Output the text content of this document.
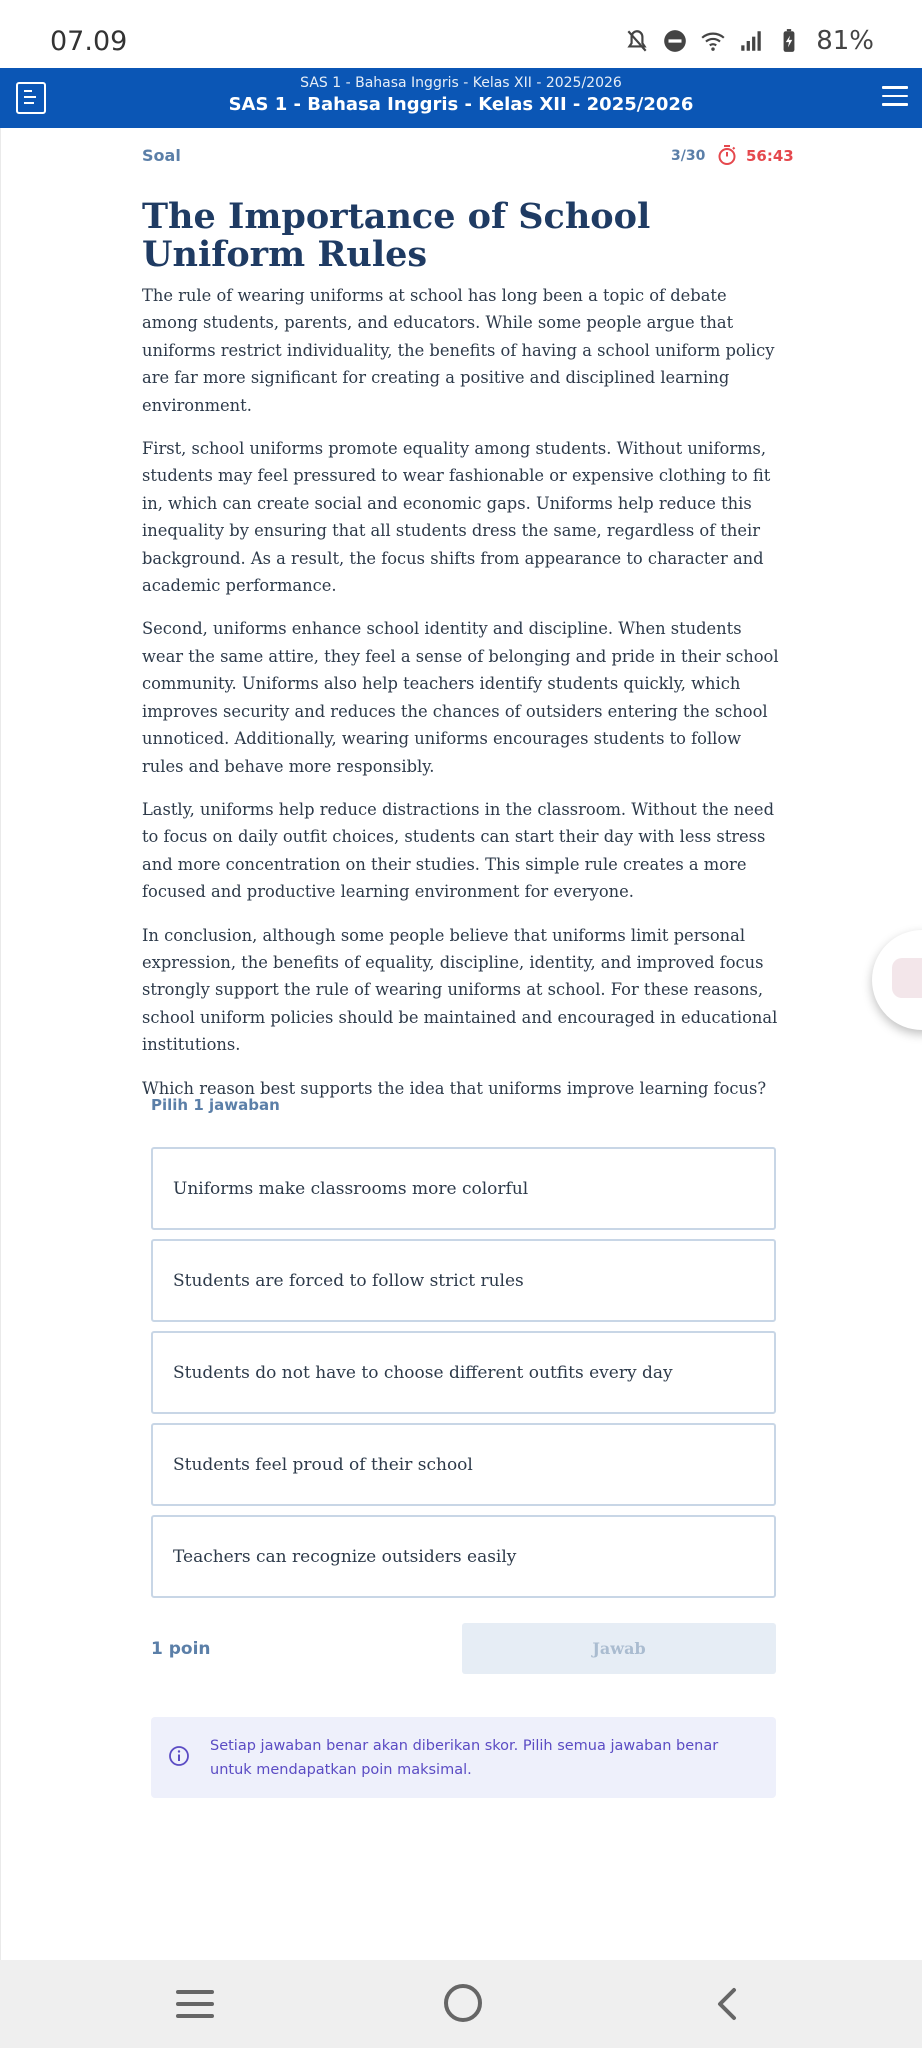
07.09	81%
SAS 1 - Bahasa Inggris - Kelas XII - 2025/2026
SAS 1 - Bahasa Inggris - Kelas XII - 2025/2026
Soal	3/30	56:43
The Importance of School Uniform Rules

The rule of wearing uniforms at school has long been a topic of debate among students, parents, and educators. While some people argue that uniforms restrict individuality, the benefits of having a school uniform policy are far more significant for creating a positive and disciplined learning environment.

First, school uniforms promote equality among students. Without uniforms, students may feel pressured to wear fashionable or expensive clothing to fit in, which can create social and economic gaps. Uniforms help reduce this inequality by ensuring that all students dress the same, regardless of their background. As a result, the focus shifts from appearance to character and academic performance.

Second, uniforms enhance school identity and discipline. When students wear the same attire, they feel a sense of belonging and pride in their school community. Uniforms also help teachers identify students quickly, which improves security and reduces the chances of outsiders entering the school unnoticed. Additionally, wearing uniforms encourages students to follow rules and behave more responsibly.

Lastly, uniforms help reduce distractions in the classroom. Without the need to focus on daily outfit choices, students can start their day with less stress and more concentration on their studies. This simple rule creates a more focused and productive learning environment for everyone.

In conclusion, although some people believe that uniforms limit personal expression, the benefits of equality, discipline, identity, and improved focus strongly support the rule of wearing uniforms at school. For these reasons, school uniform policies should be maintained and encouraged in educational institutions.

Which reason best supports the idea that uniforms improve learning focus?

Pilih 1 jawaban
Uniforms make classrooms more colorful
Students are forced to follow strict rules
Students do not have to choose different outfits every day
Students feel proud of their school
Teachers can recognize outsiders easily
1 poin	Jawab
Setiap jawaban benar akan diberikan skor. Pilih semua jawaban benar untuk mendapatkan poin maksimal.
